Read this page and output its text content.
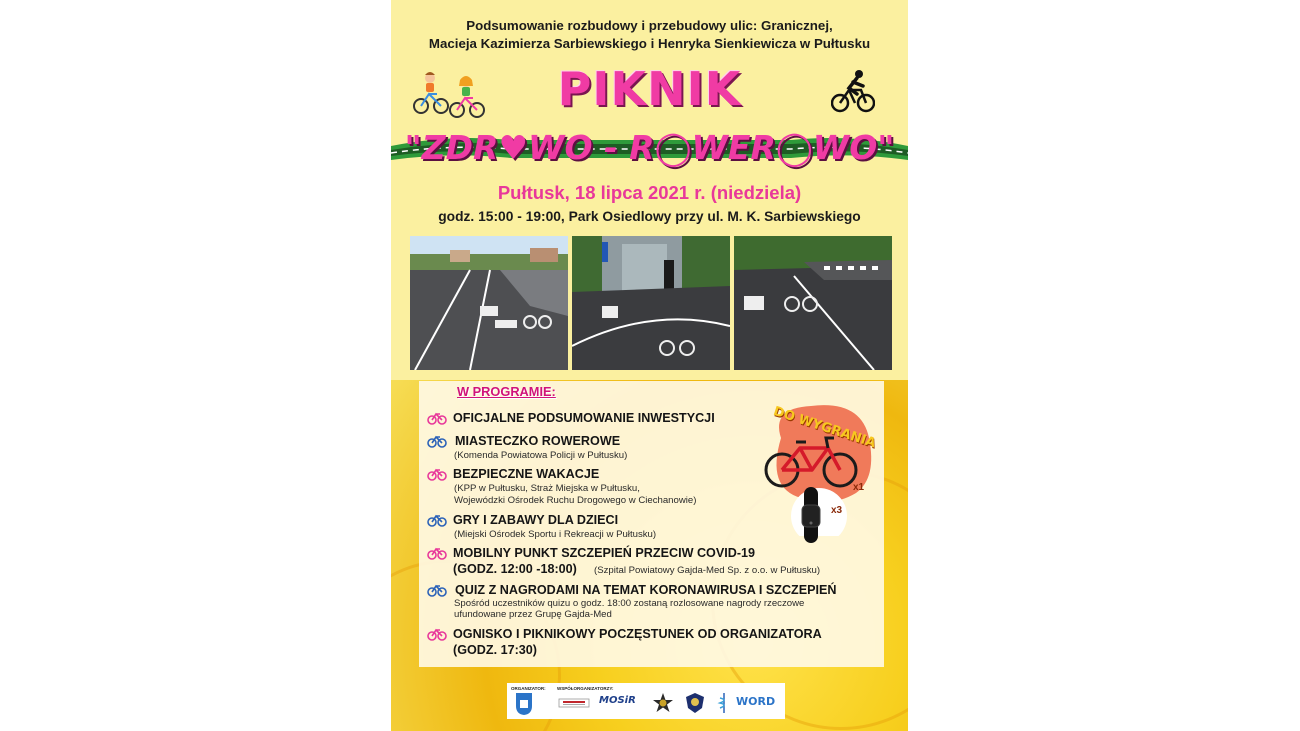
Podsumowanie rozbudowy i przebudowy ulic: Granicznej,
Macieja Kazimierza Sarbiewskiego i Henryka Sienkiewicza w Pułtusku
PIKNIK
"ZDR♥WO - R◯WER◯WO"
Pułtusk, 18 lipca 2021 r. (niedziela)
godz. 15:00 - 19:00, Park Osiedlowy przy ul. M. K. Sarbiewskiego
W PROGRAMIE:
OFICJALNE PODSUMOWANIE INWESTYCJI
MIASTECZKO ROWEROWE
(Komenda Powiatowa Policji w Pułtusku)
BEZPIECZNE WAKACJE
(KPP w Pułtusku, Straż Miejska w Pułtusku,
Wojewódzki Ośrodek Ruchu Drogowego w Ciechanowie)
GRY I ZABAWY DLA DZIECI
(Miejski Ośrodek Sportu i Rekreacji w Pułtusku)
MOBILNY PUNKT SZCZEPIEŃ PRZECIW COVID-19
(GODZ. 12:00 -18:00) (Szpital Powiatowy Gajda-Med Sp. z o.o. w Pułtusku)
QUIZ Z NAGRODAMI NA TEMAT KORONAWIRUSA I SZCZEPIEŃ
Spośród uczestników quizu o godz. 18:00 zostaną rozlosowane nagrody rzeczowe
ufundowane przez Grupę Gajda-Med
OGNISKO I PIKNIKOWY POCZĘSTUNEK OD ORGANIZATORA
(GODZ. 17:30)
DO WYGRANIA
x1
x3
ORGANIZATOR:	WSPÓŁORGANIZATORZY:
MOSiR	WORD
